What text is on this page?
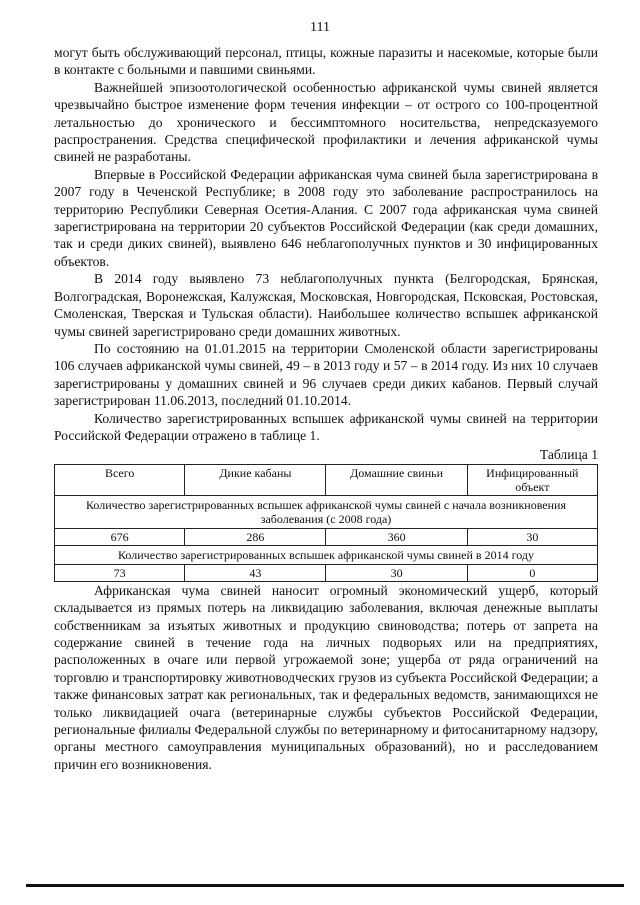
111

могут быть обслуживающий персонал, птицы, кожные паразиты и насекомые, которые были в контакте с больными и павшими свиньями.

Важнейшей эпизоотологической особенностью африканской чумы свиней является чрезвычайно быстрое изменение форм течения инфекции – от острого со 100-процентной летальностью до хронического и бессимптомного носительства, непредсказуемого распространения. Средства специфической профилактики и лечения африканской чумы свиней не разработаны.

Впервые в Российской Федерации африканская чума свиней была зарегистрирована в 2007 году в Чеченской Республике; в 2008 году это заболевание распространилось на территорию Республики Северная Осетия-Алания. С 2007 года африканская чума свиней зарегистрирована на территории 20 субъектов Российской Федерации (как среди домашних, так и среди диких свиней), выявлено 646 неблагополучных пунктов и 30 инфицированных объектов.

В 2014 году выявлено 73 неблагополучных пункта (Белгородская, Брянская, Волгоградская, Воронежская, Калужская, Московская, Новгородская, Псковская, Ростовская, Смоленская, Тверская и Тульская области). Наибольшее количество вспышек африканской чумы свиней зарегистрировано среди домашних животных.

По состоянию на 01.01.2015 на территории Смоленской области зарегистрированы 106 случаев африканской чумы свиней, 49 – в 2013 году и 57 – в 2014 году. Из них 10 случаев зарегистрированы у домашних свиней и 96 случаев среди диких кабанов. Первый случай зарегистрирован 11.06.2013, последний 01.10.2014.

Количество зарегистрированных вспышек африканской чумы свиней на территории Российской Федерации отражено в таблице 1.

Таблица 1
Всего	Дикие кабаны	Домашние свиньи	Инфицированный объект
Количество зарегистрированных вспышек африканской чумы свиней с начала возникновения заболевания (с 2008 года)			
676	286	360	30
Количество зарегистрированных вспышек африканской чумы свиней в 2014 году			
73	43	30	0

Африканская чума свиней наносит огромный экономический ущерб, который складывается из прямых потерь на ликвидацию заболевания, включая денежные выплаты собственникам за изъятых животных и продукцию свиноводства; потерь от запрета на содержание свиней в течение года на личных подворьях или на предприятиях, расположенных в очаге или первой угрожаемой зоне; ущерба от ряда ограничений на торговлю и транспортировку животноводческих грузов из субъекта Российской Федерации; а также финансовых затрат как региональных, так и федеральных ведомств, занимающихся не только ликвидацией очага (ветеринарные службы субъектов Российской Федерации, региональные филиалы Федеральной службы по ветеринарному и фитосанитарному надзору, органы местного самоуправления муниципальных образований), но и расследованием причин его возникновения.
